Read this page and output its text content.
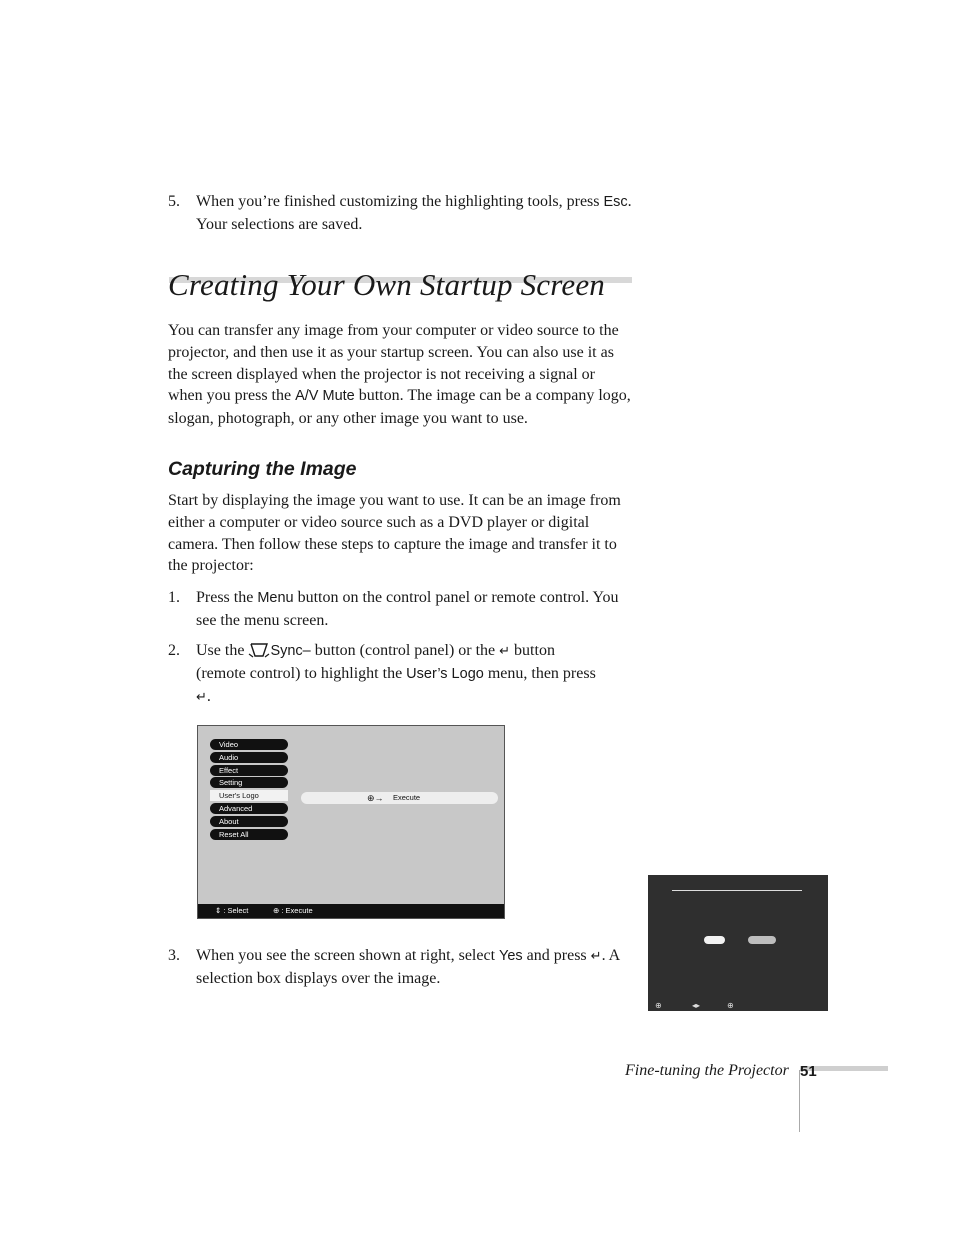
5. When you’re finished customizing the highlighting tools, press Esc. Your selections are saved.
Creating Your Own Startup Screen
You can transfer any image from your computer or video source to the projector, and then use it as your startup screen. You can also use it as the screen displayed when the projector is not receiving a signal or when you press the A/V Mute button. The image can be a company logo, slogan, photograph, or any other image you want to use.
Capturing the Image
Start by displaying the image you want to use. It can be an image from either a computer or video source such as a DVD player or digital camera. Then follow these steps to capture the image and transfer it to the projector:
1. Press the Menu button on the control panel or remote control. You see the menu screen.
2. Use the Sync– button (control panel) or the ↵ button (remote control) to highlight the User’s Logo menu, then press ↵.
Video
Audio
Effect
Setting
User's Logo
Advanced
About
Reset All
⊕→ Execute
⇕ : Select	⊕ : Execute
3. When you see the screen shown at right, select Yes and press ↵. A selection box displays over the image.
⊕	◂▸	⊕
Fine-tuning the Projector 51
